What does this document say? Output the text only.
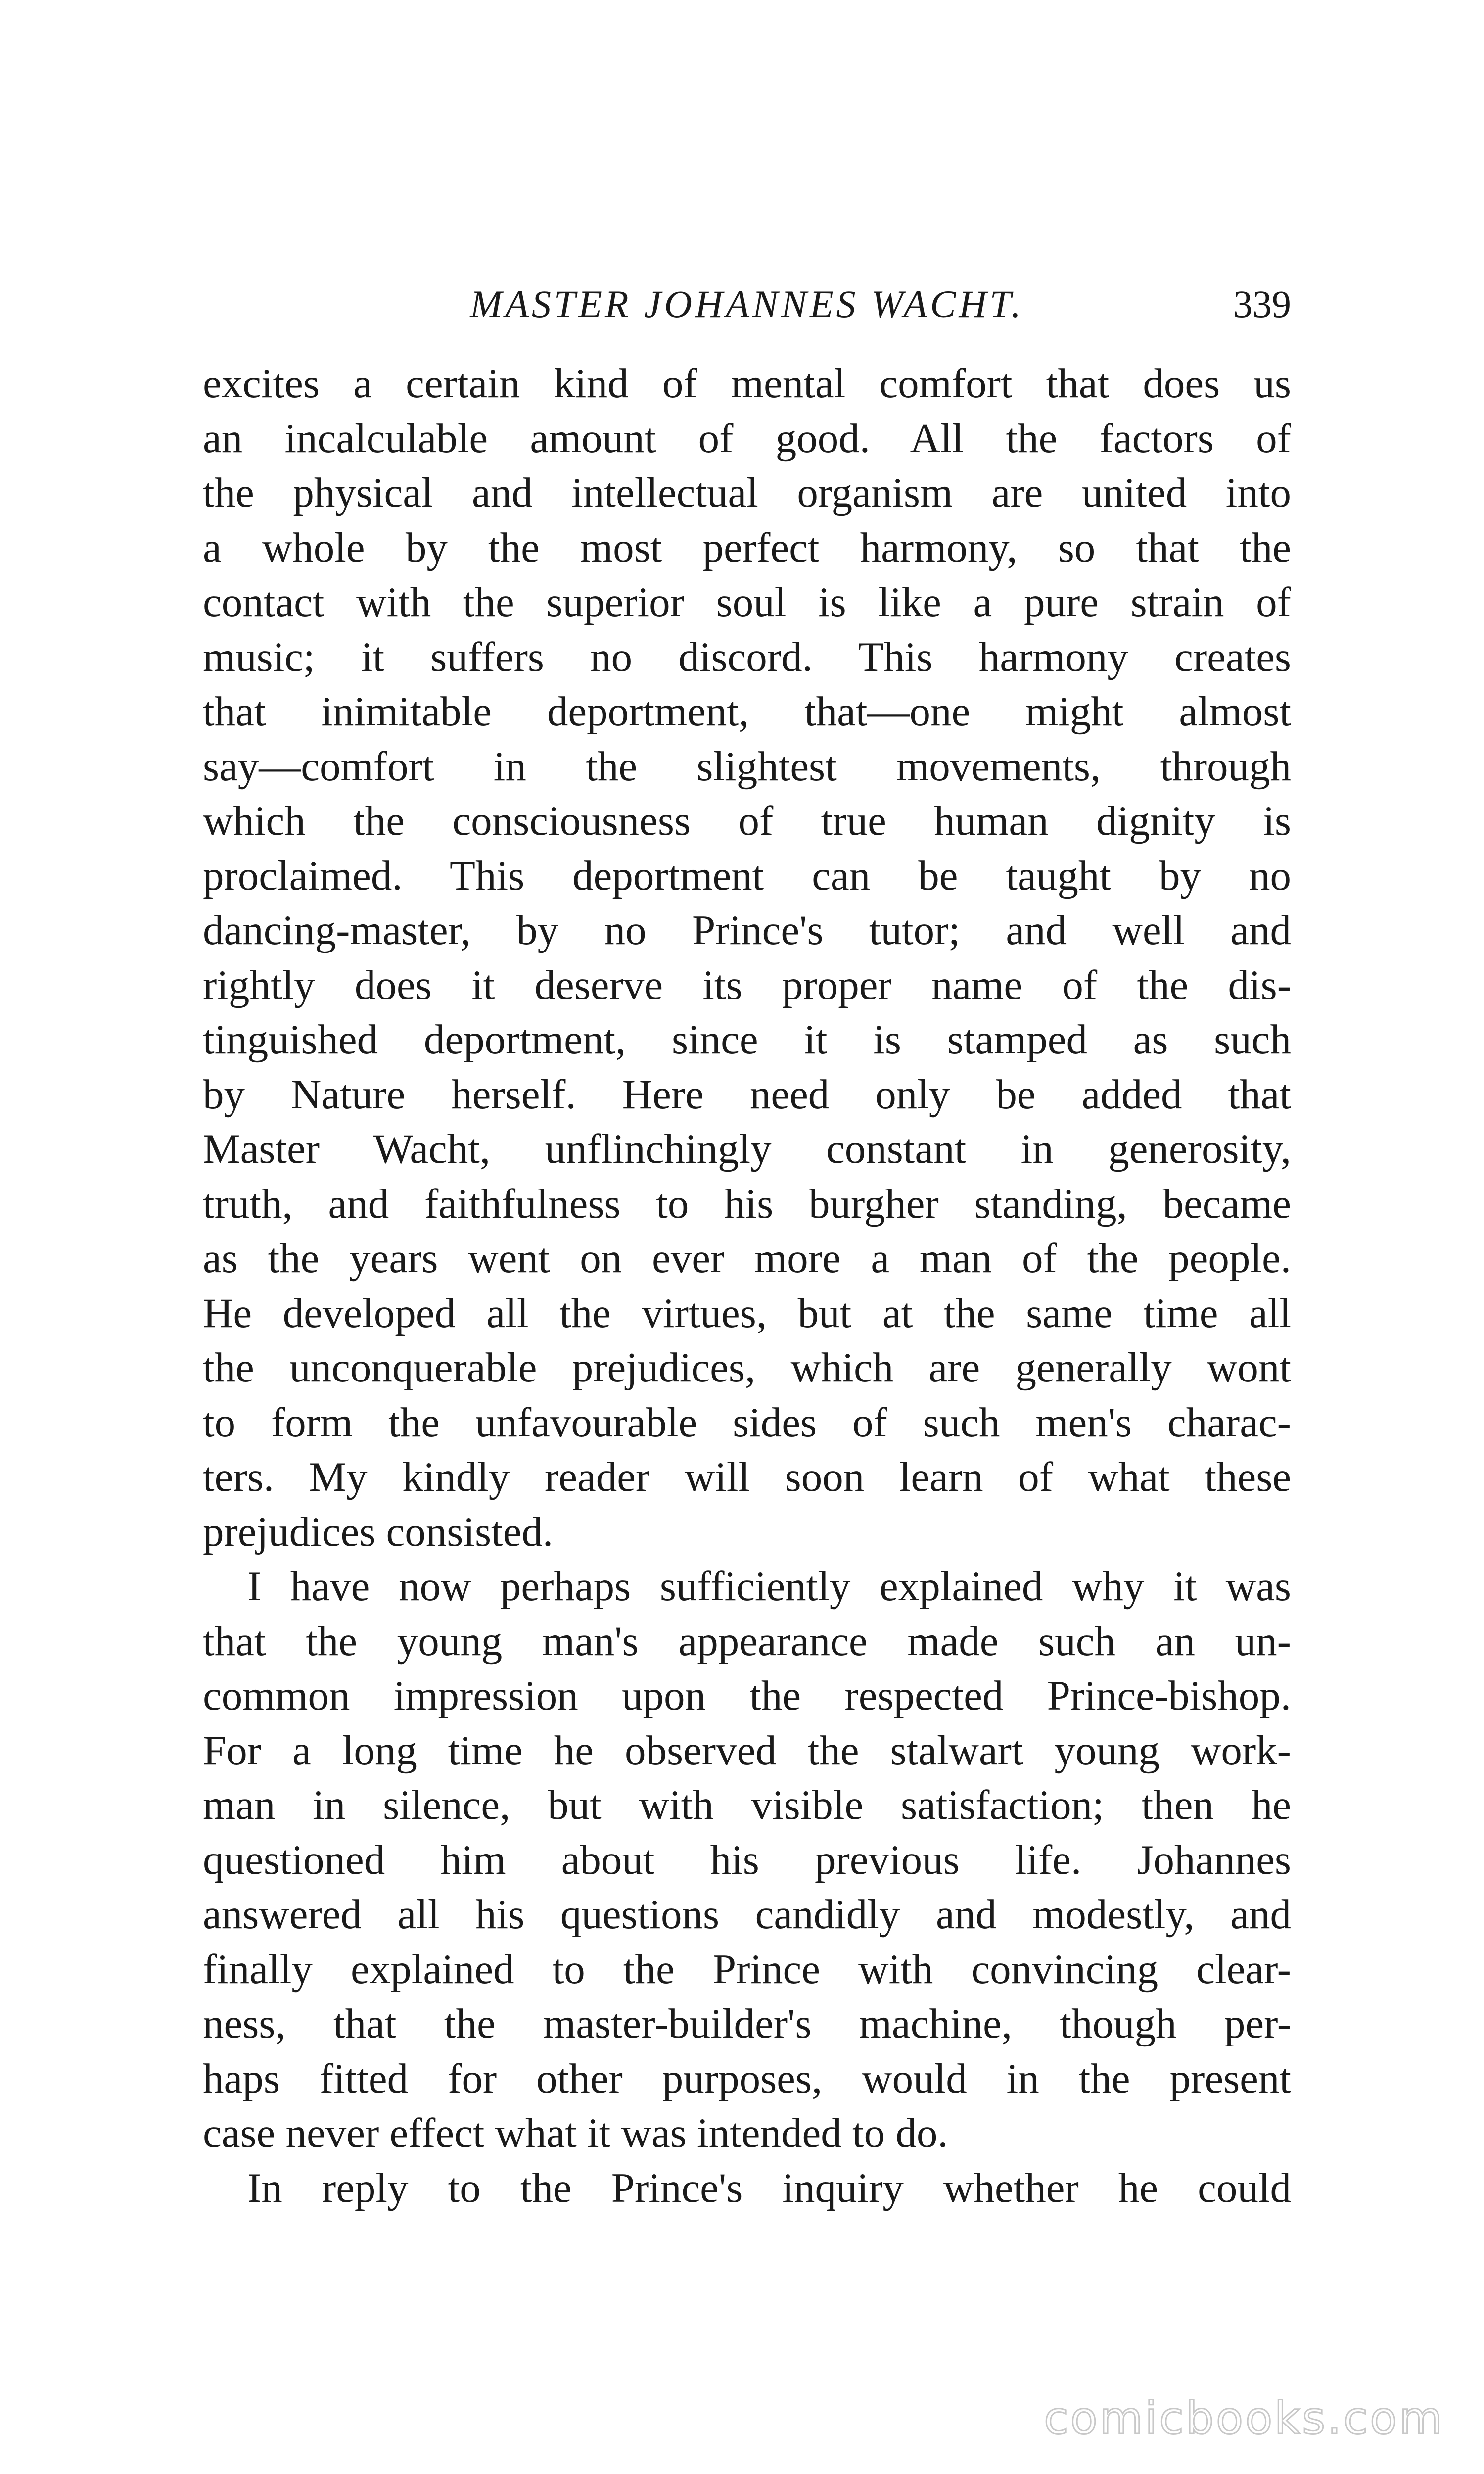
MASTER JOHANNES WACHT.	339
excites a certain kind of mental comfort that does us
an incalculable amount of good. All the factors of
the physical and intellectual organism are united into
a whole by the most perfect harmony, so that the
contact with the superior soul is like a pure strain of
music; it suffers no discord. This harmony creates
that inimitable deportment, that—one might almost
say—comfort in the slightest movements, through
which the consciousness of true human dignity is
proclaimed. This deportment can be taught by no
dancing-master, by no Prince's tutor; and well and
rightly does it deserve its proper name of the dis-
tinguished deportment, since it is stamped as such
by Nature herself. Here need only be added that
Master Wacht, unflinchingly constant in generosity,
truth, and faithfulness to his burgher standing, became
as the years went on ever more a man of the people.
He developed all the virtues, but at the same time all
the unconquerable prejudices, which are generally wont
to form the unfavourable sides of such men's charac-
ters. My kindly reader will soon learn of what these
prejudices consisted.
I have now perhaps sufficiently explained why it was
that the young man's appearance made such an un-
common impression upon the respected Prince-bishop.
For a long time he observed the stalwart young work-
man in silence, but with visible satisfaction; then he
questioned him about his previous life. Johannes
answered all his questions candidly and modestly, and
finally explained to the Prince with convincing clear-
ness, that the master-builder's machine, though per-
haps fitted for other purposes, would in the present
case never effect what it was intended to do.
In reply to the Prince's inquiry whether he could
comicbooks.com
